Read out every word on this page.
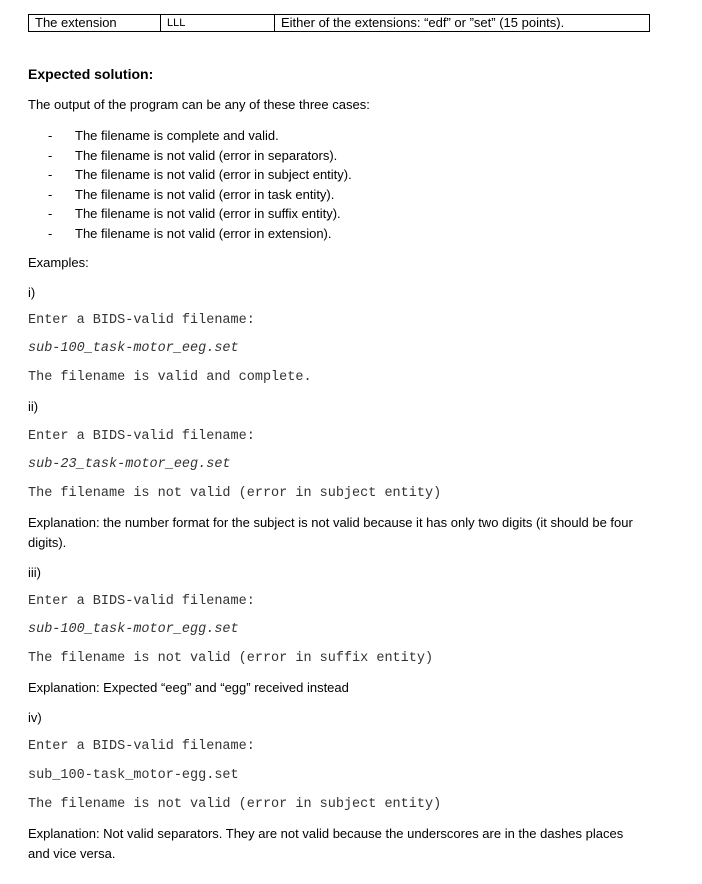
The extension	LLL	Either of the extensions: “edf” or ”set” (15 points).
Expected solution:
The output of the program can be any of these three cases:
- The filename is complete and valid.
- The filename is not valid (error in separators).
- The filename is not valid (error in subject entity).
- The filename is not valid (error in task entity).
- The filename is not valid (error in suffix entity).
- The filename is not valid (error in extension).
Examples:
i)
Enter a BIDS-valid filename:
sub-100_task-motor_eeg.set
The filename is valid and complete.
ii)
Enter a BIDS-valid filename:
sub-23_task-motor_eeg.set
The filename is not valid (error in subject entity)
Explanation: the number format for the subject is not valid because it has only two digits (it should be four digits).
iii)
Enter a BIDS-valid filename:
sub-100_task-motor_egg.set
The filename is not valid (error in suffix entity)
Explanation: Expected “eeg” and “egg” received instead
iv)
Enter a BIDS-valid filename:
sub_100-task_motor-egg.set
The filename is not valid (error in subject entity)
Explanation: Not valid separators. They are not valid because the underscores are in the dashes places and vice versa.
